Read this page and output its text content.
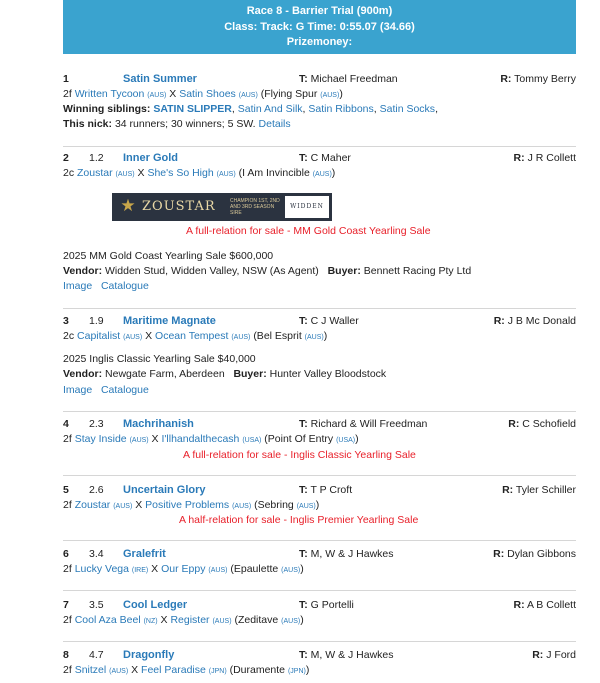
Race 8 - Barrier Trial (900m)
Class: Track: G Time: 0:55.07 (34.66)
Prizemoney:
1	Satin Summer	T: Michael Freedman	R: Tommy Berry
2f Written Tycoon (AUS) X Satin Shoes (AUS) (Flying Spur (AUS))
Winning siblings: SATIN SLIPPER, Satin And Silk, Satin Ribbons, Satin Socks,
This nick: 34 runners; 30 winners; 5 SW. Details
2 1.2 Inner Gold	T: C Maher	R: J R Collett
2c Zoustar (AUS) X She's So High (AUS) (I Am Invincible (AUS))
★ ZOUSTAR	CHAMPION 1ST, 2ND AND 3RD SEASON SIRE
WIDDEN
A full-relation for sale - MM Gold Coast Yearling Sale
2025 MM Gold Coast Yearling Sale $600,000
Vendor: Widden Stud, Widden Valley, NSW (As Agent) Buyer: Bennett Racing Pty Ltd
Image Catalogue
3 1.9 Maritime Magnate	T: C J Waller	R: J B Mc Donald
2c Capitalist (AUS) X Ocean Tempest (AUS) (Bel Esprit (AUS))
2025 Inglis Classic Yearling Sale $40,000
Vendor: Newgate Farm, Aberdeen Buyer: Hunter Valley Bloodstock
Image Catalogue
4 2.3 Machrihanish	T: Richard & Will Freedman	R: C Schofield
2f Stay Inside (AUS) X I'llhandalthecash (USA) (Point Of Entry (USA))
A full-relation for sale - Inglis Classic Yearling Sale
5 2.6 Uncertain Glory	T: T P Croft	R: Tyler Schiller
2f Zoustar (AUS) X Positive Problems (AUS) (Sebring (AUS))
A half-relation for sale - Inglis Premier Yearling Sale
6 3.4 Gralefrit	T: M, W & J Hawkes	R: Dylan Gibbons
2f Lucky Vega (IRE) X Our Eppy (AUS) (Epaulette (AUS))
7 3.5 Cool Ledger	T: G Portelli	R: A B Collett
2f Cool Aza Beel (NZ) X Register (AUS) (Zeditave (AUS))
8 4.7 Dragonfly	T: M, W & J Hawkes	R: J Ford
2f Snitzel (AUS) X Feel Paradise (JPN) (Duramente (JPN))
